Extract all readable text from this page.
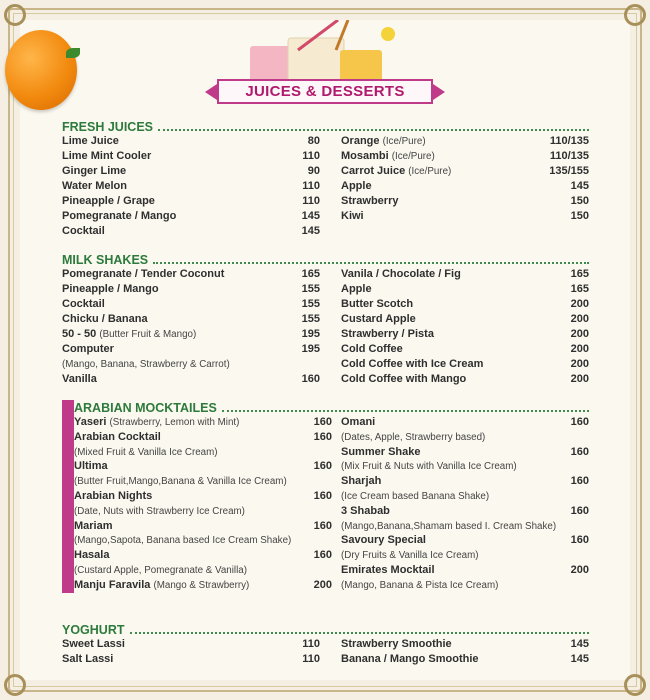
JUICES & DESSERTS
FRESH JUICES
Lime Juice	80
Lime Mint Cooler	110
Ginger Lime	90
Water Melon	110
Pineapple / Grape	110
Pomegranate / Mango	145
Cocktail	145
Orange (Ice/Pure)	110/135
Mosambi (Ice/Pure)	110/135
Carrot Juice (Ice/Pure)	135/155
Apple	145
Strawberry	150
Kiwi	150
MILK SHAKES
Pomegranate / Tender Coconut	165
Pineapple / Mango	155
Cocktail	155
Chicku / Banana	155
50 - 50 (Butter Fruit & Mango)	195
Computer	195
(Mango, Banana, Strawberry & Carrot)
Vanilla	160
Vanila / Chocolate / Fig	165
Apple	165
Butter Scotch	200
Custard Apple	200
Strawberry / Pista	200
Cold Coffee	200
Cold Coffee with Ice Cream	200
Cold Coffee with Mango	200
ARABIAN MOCKTAILES
Yaseri (Strawberry, Lemon with Mint)	160
Arabian Cocktail	160
(Mixed Fruit & Vanilla Ice Cream)
Ultima	160
(Butter Fruit,Mango,Banana & Vanilla Ice Cream)
Arabian Nights	160
(Date, Nuts with Strawberry Ice Cream)
Mariam	160
(Mango,Sapota, Banana based Ice Cream Shake)
Hasala	160
(Custard Apple, Pomegranate & Vanilla)
Manju Faravila (Mango & Strawberry)	200
Omani	160
(Dates, Apple, Strawberry based)
Summer Shake	160
(Mix Fruit & Nuts with Vanilla Ice Cream)
Sharjah	160
(Ice Cream based Banana Shake)
3 Shabab	160
(Mango,Banana,Shamam based I. Cream Shake)
Savoury Special	160
(Dry Fruits & Vanilla Ice Cream)
Emirates Mocktail	200
(Mango, Banana & Pista Ice Cream)
YOGHURT
Sweet Lassi	110
Salt Lassi	110
Strawberry Smoothie	145
Banana / Mango Smoothie	145
